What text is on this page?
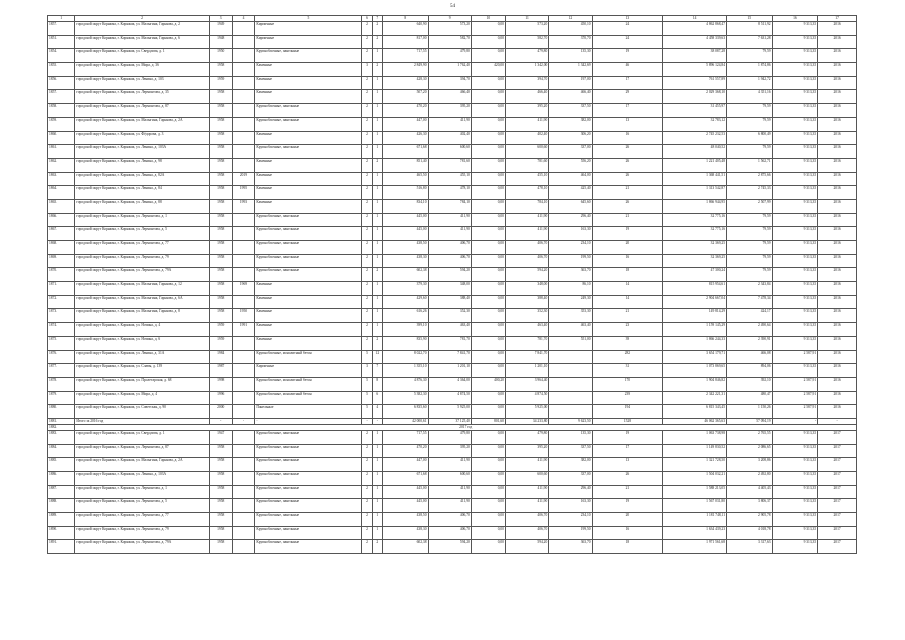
54
1	2	3	4	5	6	7	8	9	10	11	12	13	14	15	16	17
1857.	городской округ Коряжма, г. Коряжма, ул. Малыгина, Гарькова, д. 2	1949		Кирпичные	2	2	640,90	573,20	0,00	573,20	450,10	24	4 862 868,47	8 511,92	9 313,35	2016
1851.	городской округ Коряжма, г. Коряжма, ул. Малыгина, Гарькова, д. 6	1948		Кирпичные	2	2	817,00	582,70	0,00	582,70	370,70	24	4 458 339,63	7 631,28	9 313,35	2016
1854.	городской округ Коряжма, г. Коряжма, ул. Свердлова, д. 1	1950		Крупноблочные, панельные	2	1	717,55	479,80	0,00	479,80	135,30	19	38 087,28	79,59	9 313,35	2016
1855.	городской округ Коряжма, г. Коряжма, ул. Мира, д. 36	1958		Каменные	3	2	2 849,90	1 762,40	420,00	1 342,00	1 342,69	46	5 896 124,84	1 874,86	9 313,35	2016
1856.	городской округ Коряжма, г. Коряжма, ул. Ленина, д. 103	1959		Каменные	2	1	428,30	394,70	0,00	394,70	197,00	17	761 557,89	1 942,72	9 313,35	2016
1857.	городской округ Коряжма, г. Коряжма, ул. Лермонтова, д. 35	1958		Каменные	2	1	507,20	466,40	0,00	466,40	466,40	29	2 029 368,10	4 351,16	9 313,35	2016
1858.	городской округ Коряжма, г. Коряжма, ул. Лермонтова, д. 87	1958		Крупноблочные, панельные	2	1	470,20	395,20	0,00	395,20	337,50	17	31 455,97	79,59	9 313,35	2016
1859.	городской округ Коряжма, г. Коряжма, ул. Малыгина, Гарькова, д. 2А	1958		Крупноблочные, панельные	2	1	447,00	411,90	0,00	411,90	382,00	13	32 783,12	79,59	9 313,35	2016
1860.	городской округ Коряжма, г. Коряжма, ул. Фёдорова, д. 3	1958		Каменные	2	1	426,30	402,40	0,00	402,40	306,20	16	2 745 232,53	6 800,49	9 313,35	2016
1861.	городской округ Коряжма, г. Коряжма, ул. Ленина, д. 103А	1958		Крупноблочные, панельные	2	1	671,68	600,60	0,00	600,60	337,00	26	48 040,52	79,59	9 313,35	2016
1862.	городской округ Коряжма, г. Коряжма, ул. Ленина, д. 98	1958		Каменные	2	2	851,40	781,60	0,00	781,60	556,20	26	1 221 405,48	1 562,71	9 313,35	2016
1863.	городской округ Коряжма, г. Коряжма, ул. Ленина, д. 82А	1958	2019	Каменные	2	1	465,50	455,10	0,00	455,10	464,00	26	1 368 441,51	2 875,66	9 313,35	2016
1864.	городской округ Коряжма, г. Коряжма, ул. Ленина, д. 84	1958	1995	Каменные	2	1	516,80	478,10	0,00	478,10	425,40	21	1 313 542,87	2 745,33	9 313,35	2016
1865.	городской округ Коряжма, г. Коряжма, ул. Ленина, д. 88	1958	1993	Каменные	2	1	834,10	784,10	0,00	784,10	645,60	26	1 866 944,95	2 507,99	9 313,35	2016
1866.	городской округ Коряжма, г. Коряжма, ул. Лермонтова, д. 1	1958		Крупноблочные, панельные	2	1	445,00	411,90	0,00	411,90	296,40	21	32 775,16	79,59	9 313,35	2016
1867.	городской округ Коряжма, г. Коряжма, ул. Лермонтова, д. 5	1958		Крупноблочные, панельные	2	1	445,00	411,90	0,00	411,90	163,30	19	32 775,16	79,59	9 313,35	2016
1868.	городской округ Коряжма, г. Коряжма, ул. Лермонтова, д. 77	1958		Крупноблочные, панельные	2	1	438,50	406,70	0,00	406,70	234,10	20	32 369,25	79,59	9 313,35	2016
1869.	городской округ Коряжма, г. Коряжма, ул. Лермонтова, д. 79	1958		Крупноблочные, панельные	2	1	438,30	406,70	0,00	406,70	199,50	16	32 369,25	79,59	9 313,35	2016
1870.	городской округ Коряжма, г. Коряжма, ул. Лермонтова, д. 79А	1958		Крупноблочные, панельные	2	2	602,38	594,20	0,00	594,20	363,70	18	47 300,24	79,59	9 313,35	2016
1871.	городской округ Коряжма, г. Коряжма, ул. Малыгина, Гарькова, д. 12	1958	1969	Каменные	2	1	379,30	348,00	0,00	348,00	86,10	14	815 954,61	2 343,84	9 313,35	2016
1872.	городской округ Коряжма, г. Коряжма, ул. Малыгина, Гарькова, д. 6А	1958		Каменные	2	1	429,60	388,40	0,00	388,40	249,30	14	2 904 667,04	7 478,34	9 313,35	2016
1873.	городской округ Коряжма, г. Коряжма, ул. Малыгина, Гарькова, д. 8	1958	1950	Каменные	2	1	616,26	352,30	0,00	352,30	353,30	21	149 814,29	424,17	9 313,35	2016
1874.	городской округ Коряжма, г. Коряжма, ул. Ночина, д. 4	1959	1991	Каменные	2	1	399,10	463,40	0,00	463,40	463,40	23	1 159 145,29	2 490,64	9 313,35	2016
1875.	городской округ Коряжма, г. Коряжма, ул. Ночина, д. 6	1959		Каменные	2	2	835,90	781,70	0,00	781,70	551,00	39	1 866 244,33	2 390,91	9 313,35	2016
1876.	городской округ Коряжма, г. Коряжма, ул. Ленина, д. 31А	1984		Крупноблочные, монолитный бетон	5	12	8 022,70	7 841,70	0,00	7 841,70		282	3 654 179,71	466,08	2 587,91	2016
1877.	городской округ Коряжма, г. Коряжма, ул. Славы, д. 139	1987		Кирпичные	3	7	1 355,10	1 201,10	0,00	1 201,10		31	1 073 869,65	894,06	9 313,35	2016
1878.	городской округ Коряжма, г. Коряжма, ул. Пролетарская, д. 68	1998		Крупноблочные, монолитный бетон	5	8	4 876,30	4 364,00	400,20	3 964,40		170	1 904 846,82	392,10	2 587,91	2016
1879.	городской округ Коряжма, г. Коряжма, ул. Мира, д. 4	1996		Крупноблочные, монолитный бетон	5	6	5 382,30	4 874,50	0,00	4 874,50		239	2 342 221,31	480,47	2 587,91	2016
1880.	городской округ Коряжма, г. Коряжма, ул. Советская, д. 90	2000		Панельные	5	4	6 835,60	5 925,00	0,00	5 925,00		194	6 815 343,45	1 150,26	2 587,91	2016
1881.	Итого за 2016 год	-	-	-	-	-	42 000,61	37 125,40	801,60	34 233,80	9 623,50	1528	46 062 365,63	57 094,19	-	-
1882.	2017 год															
1883.	городской округ Коряжма, г. Коряжма, ул. Свердлова, д. 1	1947		Крупноблочные, панельные	2	1	717,55	479,80	0,00	479,80	135,30	19	1 063 738,98	2 765,55	9 313,35	2017
1884.	городской округ Коряжма, г. Коряжма, ул. Лермонтова, д. 87	1958		Крупноблочные, панельные	2	1	470,20	395,20	0,00	395,20	337,50	17	1 149 830,52	2 086,65	9 313,35	2017
1885.	городской округ Коряжма, г. Коряжма, ул. Малыгина, Гарькова, д. 2А	1958		Крупноблочные, панельные	2	1	447,00	411,90	0,00	411,90	382,00	13	1 321 728,50	3 208,86	9 313,35	2017
1886.	городской округ Коряжма, г. Коряжма, ул. Ленина, д. 103А	1958		Крупноблочные, панельные	2	1	671,68	600,60	0,00	600,60	337,00	26	1 504 032,21	2 492,80	9 313,35	2017
1887.	городской округ Коряжма, г. Коряжма, ул. Лермонтова, д. 1	1958		Крупноблочные, панельные	2	1	445,00	411,90	0,00	411,90	296,40	21	1 588 213,05	4 405,43	9 313,35	2017
1888.	городской округ Коряжма, г. Коряжма, ул. Лермонтова, д. 5	1958		Крупноблочные, панельные	2	1	445,00	411,90	0,00	411,90	163,30	19	1 567 031,80	3 806,37	9 313,35	2017
1889.	городской округ Коряжма, г. Коряжма, ул. Лермонтова, д. 77	1958		Крупноблочные, панельные	2	1	438,50	406,70	0,00	406,70	234,10	20	1 181 748,11	2 905,78	9 313,35	2017
1890.	городской округ Коряжма, г. Коряжма, ул. Лермонтова, д. 79	1958		Крупноблочные, панельные	2	1	438,30	406,70	0,00	406,70	199,50	16	1 634 439,23	4 018,78	9 313,35	2017
1891.	городской округ Коряжма, г. Коряжма, ул. Лермонтова, д. 79А	1958		Крупноблочные, панельные	2	2	602,38	594,20	0,00	594,20	363,70	18	1 971 561,68	3 317,63	9 313,35	2017
